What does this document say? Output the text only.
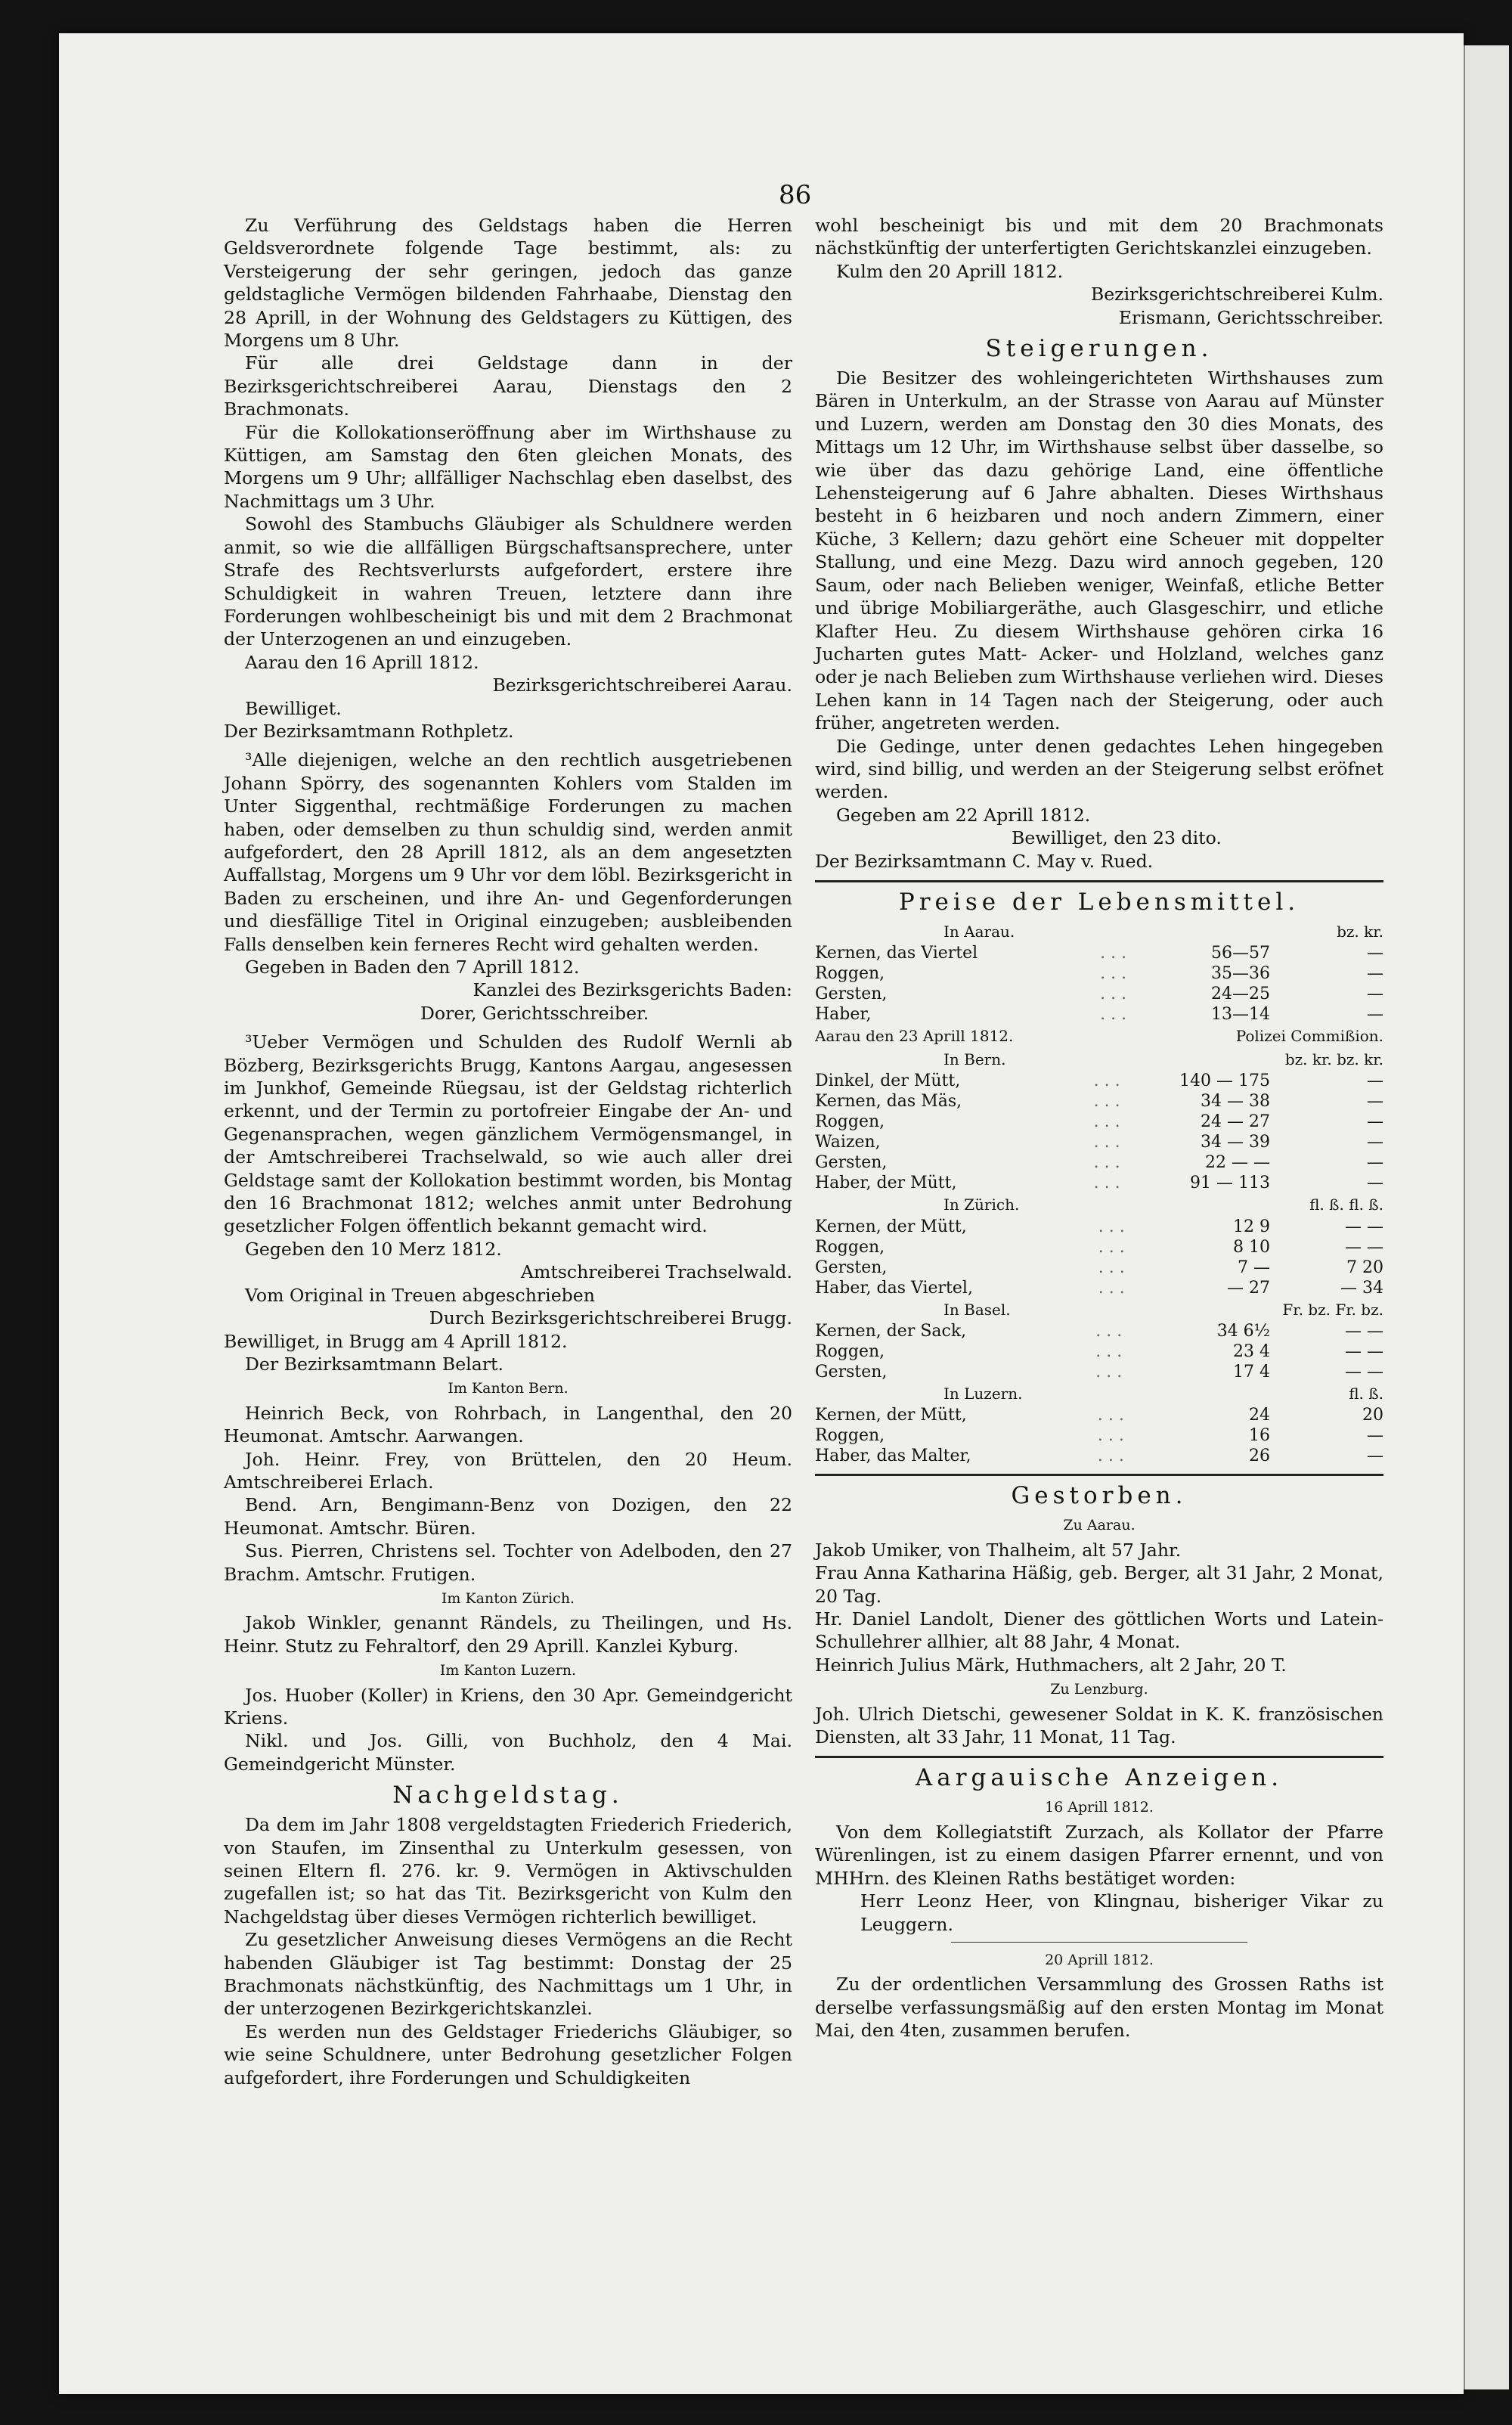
86

Zu Verführung des Geldstags haben die Herren Geldsverordnete folgende Tage bestimmt, als: zu Versteigerung der sehr geringen, jedoch das ganze geldstagliche Vermögen bildenden Fahrhaabe, Dienstag den 28 Aprill, in der Wohnung des Geldstagers zu Küttigen, des Morgens um 8 Uhr.

Für alle drei Geldstage dann in der Bezirksgerichtschreiberei Aarau, Dienstags den 2 Brachmonats.

Für die Kollokationseröffnung aber im Wirthshause zu Küttigen, am Samstag den 6ten gleichen Monats, des Morgens um 9 Uhr; allfälliger Nachschlag eben daselbst, des Nachmittags um 3 Uhr.

Sowohl des Stambuchs Gläubiger als Schuldnere werden anmit, so wie die allfälligen Bürgschaftsansprechere, unter Strafe des Rechtsverlursts aufgefordert, erstere ihre Schuldigkeit in wahren Treuen, letztere dann ihre Forderungen wohlbescheinigt bis und mit dem 2 Brachmonat der Unterzogenen an und einzugeben.

Aarau den 16 Aprill 1812.

Bezirksgerichtschreiberei Aarau.

Bewilliget.

Der Bezirksamtmann Rothpletz.

³Alle diejenigen, welche an den rechtlich ausgetriebenen Johann Spörry, des sogenannten Kohlers vom Stalden im Unter Siggenthal, rechtmäßige Forderungen zu machen haben, oder demselben zu thun schuldig sind, werden anmit aufgefordert, den 28 Aprill 1812, als an dem angesetzten Auffallstag, Morgens um 9 Uhr vor dem löbl. Bezirksgericht in Baden zu erscheinen, und ihre An- und Gegenforderungen und diesfällige Titel in Original einzugeben; ausbleibenden Falls denselben kein ferneres Recht wird gehalten werden.

Gegeben in Baden den 7 Aprill 1812.

Kanzlei des Bezirksgerichts Baden:

Dorer, Gerichtsschreiber.

³Ueber Vermögen und Schulden des Rudolf Wernli ab Bözberg, Bezirksgerichts Brugg, Kantons Aargau, angesessen im Junkhof, Gemeinde Rüegsau, ist der Geldstag richterlich erkennt, und der Termin zu portofreier Eingabe der An- und Gegenansprachen, wegen gänzlichem Vermögensmangel, in der Amtschreiberei Trachselwald, so wie auch aller drei Geldstage samt der Kollokation bestimmt worden, bis Montag den 16 Brachmonat 1812; welches anmit unter Bedrohung gesetzlicher Folgen öffentlich bekannt gemacht wird.

Gegeben den 10 Merz 1812.

Amtschreiberei Trachselwald.

Vom Original in Treuen abgeschrieben

Durch Bezirksgerichtschreiberei Brugg.

Bewilliget, in Brugg am 4 Aprill 1812.

Der Bezirksamtmann Belart.

Im Kanton Bern.

Heinrich Beck, von Rohrbach, in Langenthal, den 20 Heumonat. Amtschr. Aarwangen.

Joh. Heinr. Frey, von Brüttelen, den 20 Heum. Amtschreiberei Erlach.

Bend. Arn, Bengimann-Benz von Dozigen, den 22 Heumonat. Amtschr. Büren.

Sus. Pierren, Christens sel. Tochter von Adelboden, den 27 Brachm. Amtschr. Frutigen.

Im Kanton Zürich.

Jakob Winkler, genannt Rändels, zu Theilingen, und Hs. Heinr. Stutz zu Fehraltorf, den 29 Aprill. Kanzlei Kyburg.

Im Kanton Luzern.

Jos. Huober (Koller) in Kriens, den 30 Apr. Gemeindgericht Kriens.

Nikl. und Jos. Gilli, von Buchholz, den 4 Mai. Gemeindgericht Münster.

Nachgeldstag.

Da dem im Jahr 1808 vergeldstagten Friederich Friederich, von Staufen, im Zinsenthal zu Unterkulm gesessen, von seinen Eltern fl. 276. kr. 9. Vermögen in Aktivschulden zugefallen ist; so hat das Tit. Bezirksgericht von Kulm den Nachgeldstag über dieses Vermögen richterlich bewilliget.

Zu gesetzlicher Anweisung dieses Vermögens an die Recht habenden Gläubiger ist Tag bestimmt: Donstag der 25 Brachmonats nächstkünftig, des Nachmittags um 1 Uhr, in der unterzogenen Bezirkgerichtskanzlei.

Es werden nun des Geldstager Friederichs Gläubiger, so wie seine Schuldnere, unter Bedrohung gesetzlicher Folgen aufgefordert, ihre Forderungen und Schuldigkeiten

wohl bescheinigt bis und mit dem 20 Brachmonats nächstkünftig der unterfertigten Gerichtskanzlei einzugeben.

Kulm den 20 Aprill 1812.

Bezirksgerichtschreiberei Kulm.

Erismann, Gerichtsschreiber.

Steigerungen.

Die Besitzer des wohleingerichteten Wirthshauses zum Bären in Unterkulm, an der Strasse von Aarau auf Münster und Luzern, werden am Donstag den 30 dies Monats, des Mittags um 12 Uhr, im Wirthshause selbst über dasselbe, so wie über das dazu gehörige Land, eine öffentliche Lehensteigerung auf 6 Jahre abhalten. Dieses Wirthshaus besteht in 6 heizbaren und noch andern Zimmern, einer Küche, 3 Kellern; dazu gehört eine Scheuer mit doppelter Stallung, und eine Mezg. Dazu wird annoch gegeben, 120 Saum, oder nach Belieben weniger, Weinfaß, etliche Better und übrige Mobiliargeräthe, auch Glasgeschirr, und etliche Klafter Heu. Zu diesem Wirthshause gehören cirka 16 Jucharten gutes Matt- Acker- und Holzland, welches ganz oder je nach Belieben zum Wirthshause verliehen wird. Dieses Lehen kann in 14 Tagen nach der Steigerung, oder auch früher, angetreten werden.

Die Gedinge, unter denen gedachtes Lehen hingegeben wird, sind billig, und werden an der Steigerung selbst eröfnet werden.

Gegeben am 22 Aprill 1812.

Bewilliget, den 23 dito.

Der Bezirksamtmann C. May v. Rued.

Preise der Lebensmittel.
In Aarau.	bz. kr.
Kernen, das Viertel	. . .	56—57	—
Roggen,	. . .	35—36	—
Gersten,	. . .	24—25	—
Haber,	. . .	13—14	—
Aarau den 23 Aprill 1812.	Polizei Commißion.
In Bern.	bz. kr. bz. kr.
Dinkel, der Mütt,	. . .	140 — 175	—
Kernen, das Mäs,	. . .	34 — 38	—
Roggen,	. . .	24 — 27	—
Waizen,	. . .	34 — 39	—
Gersten,	. . .	22 — —	—
Haber, der Mütt,	. . .	91 — 113	—
In Zürich.	fl. ß. fl. ß.
Kernen, der Mütt,	. . .	12 9	— —
Roggen,	. . .	8 10	— —
Gersten,	. . .	7 —	7 20
Haber, das Viertel,	. . .	— 27	— 34
In Basel.	Fr. bz. Fr. bz.
Kernen, der Sack,	. . .	34 6½	— —
Roggen,	. . .	23 4	— —
Gersten,	. . .	17 4	— —
In Luzern.	fl. ß.
Kernen, der Mütt,	. . .	24	20
Roggen,	. . .	16	—
Haber, das Malter,	. . .	26	—
Gestorben.

Zu Aarau.

Jakob Umiker, von Thalheim, alt 57 Jahr.

Frau Anna Katharina Häßig, geb. Berger, alt 31 Jahr, 2 Monat, 20 Tag.

Hr. Daniel Landolt, Diener des göttlichen Worts und Latein-Schullehrer allhier, alt 88 Jahr, 4 Monat.

Heinrich Julius Märk, Huthmachers, alt 2 Jahr, 20 T.

Zu Lenzburg.

Joh. Ulrich Dietschi, gewesener Soldat in K. K. französischen Diensten, alt 33 Jahr, 11 Monat, 11 Tag.

Aargauische Anzeigen.

16 Aprill 1812.

Von dem Kollegiatstift Zurzach, als Kollator der Pfarre Würenlingen, ist zu einem dasigen Pfarrer ernennt, und von MHHrn. des Kleinen Raths bestätiget worden:

Herr Leonz Heer, von Klingnau, bisheriger Vikar zu Leuggern.

20 Aprill 1812.

Zu der ordentlichen Versammlung des Grossen Raths ist derselbe verfassungsmäßig auf den ersten Montag im Monat Mai, den 4ten, zusammen berufen.
